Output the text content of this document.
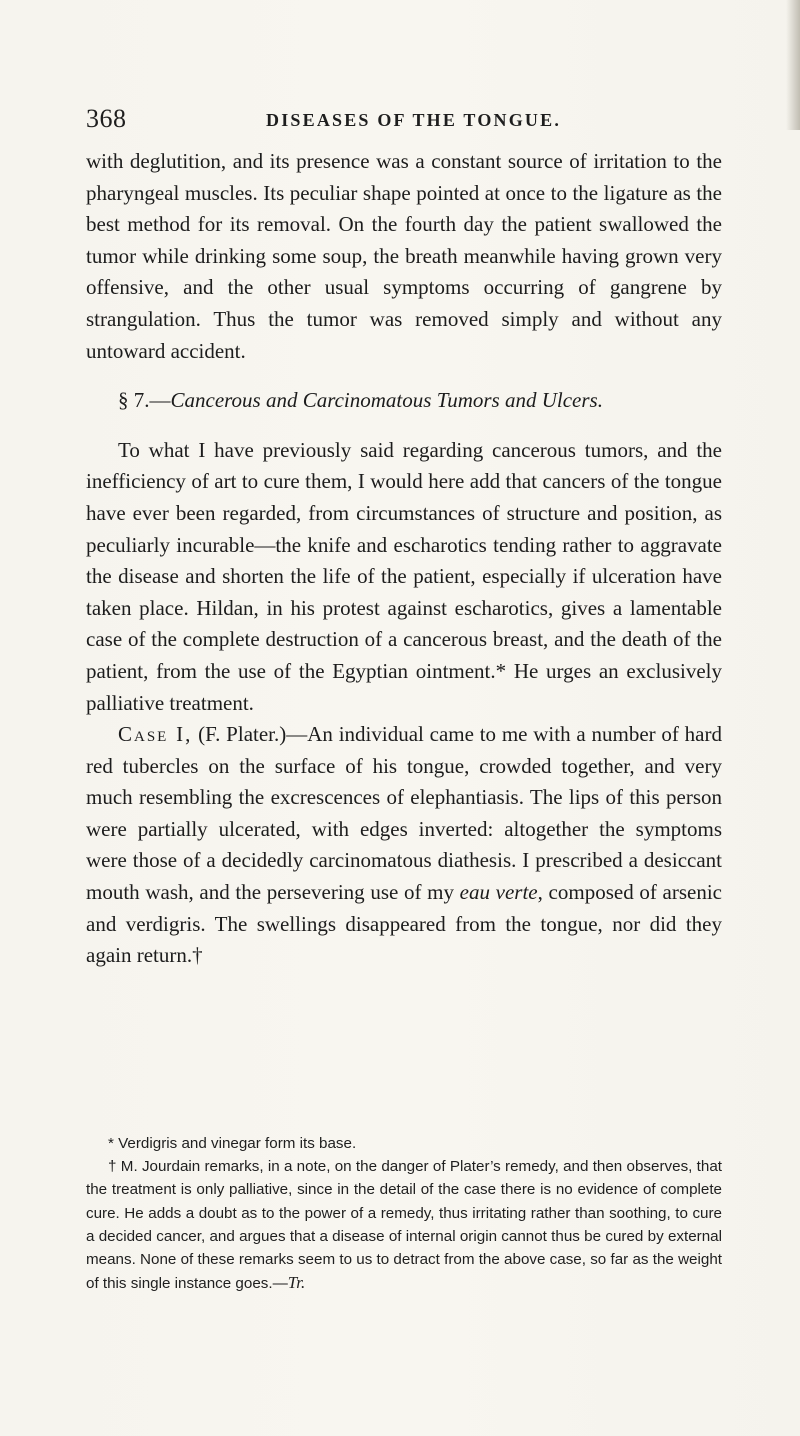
368	DISEASES OF THE TONGUE.

with deglutition, and its presence was a constant source of irritation to the pharyngeal muscles. Its peculiar shape pointed at once to the ligature as the best method for its removal. On the fourth day the patient swallowed the tumor while drinking some soup, the breath meanwhile having grown very offensive, and the other usual symptoms occurring of gangrene by strangulation. Thus the tumor was removed simply and without any untoward accident.

§ 7.—Cancerous and Carcinomatous Tumors and Ulcers.

To what I have previously said regarding cancerous tumors, and the inefficiency of art to cure them, I would here add that cancers of the tongue have ever been regarded, from circumstances of structure and position, as peculiarly incurable—the knife and escharotics tending rather to aggravate the disease and shorten the life of the patient, especially if ulceration have taken place. Hildan, in his protest against escharotics, gives a lamentable case of the complete destruction of a cancerous breast, and the death of the patient, from the use of the Egyptian ointment.* He urges an exclusively palliative treatment.

Case I, (F. Plater.)—An individual came to me with a number of hard red tubercles on the surface of his tongue, crowded together, and very much resembling the excrescences of elephantiasis. The lips of this person were partially ulcerated, with edges inverted: altogether the symptoms were those of a decidedly carcinomatous diathesis. I prescribed a desiccant mouth wash, and the persevering use of my eau verte, composed of arsenic and verdigris. The swellings disappeared from the tongue, nor did they again return.†

* Verdigris and vinegar form its base.

† M. Jourdain remarks, in a note, on the danger of Plater’s remedy, and then observes, that the treatment is only palliative, since in the detail of the case there is no evidence of complete cure. He adds a doubt as to the power of a remedy, thus irritating rather than soothing, to cure a decided cancer, and argues that a disease of internal origin cannot thus be cured by external means. None of these remarks seem to us to detract from the above case, so far as the weight of this single instance goes.—Tr.
